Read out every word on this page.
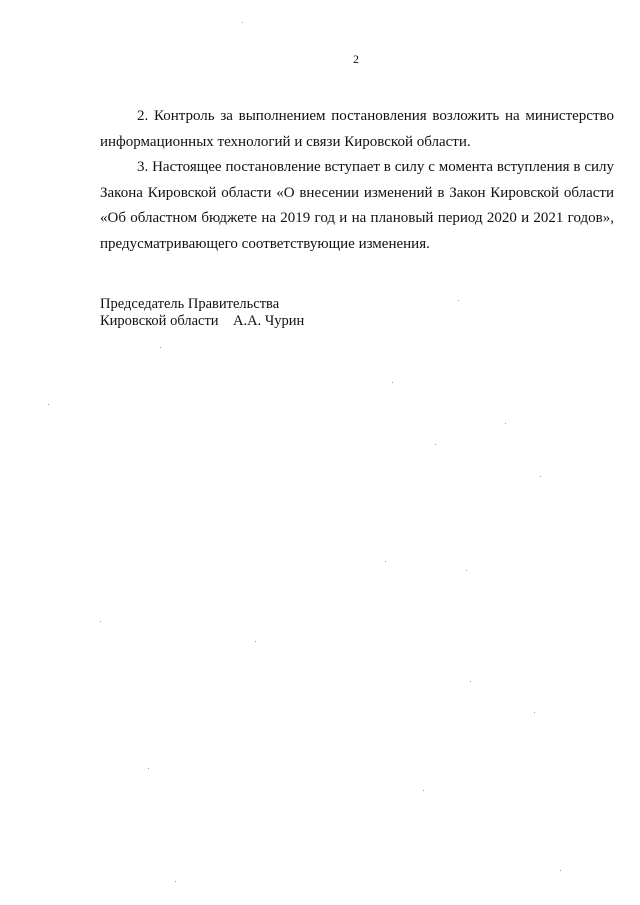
2

2. Контроль за выполнением постановления возложить на министерство информационных технологий и связи Кировской области.

3. Настоящее постановление вступает в силу с момента вступления в силу Закона Кировской области «О внесении изменений в Закон Кировской области «Об областном бюджете на 2019 год и на плановый период 2020 и 2021 годов», предусматривающего соответствующие изменения.

Председатель Правительства
Кировской области    А.А. Чурин
